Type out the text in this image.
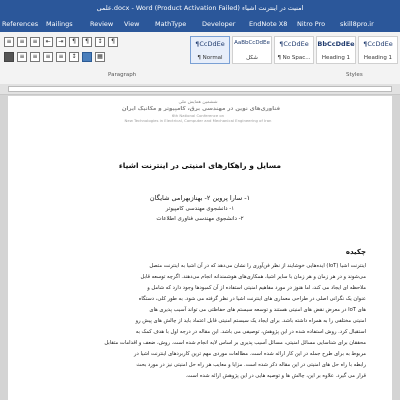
علمی.docx - Word (Product Activation Failed) امنیت در اینترنت اشیاء
References Mailings	Review View MathType Developer EndNote X8 Nitro Pro skill8pro.ir
≡	≡	≡	⇤	⇥	¶	¶	↕	¶
≡	≡	≡	≡	↕	▦
¶CcDdEe
¶ Normal
AaBbCcDdEe
شكل
¶CcDdEe
¶ No Spac...
BbCcDdEe
Heading 1
¶CcDdEe
Heading 1
Paragraph	Styles
ششمین همایش ملی
فناوری‌های نوین در مهندسی برق، کامپیوتر و مکانیک ایران
6th National Conference on
New Technologies in Electrical, Computer and Mechanical Engineering of Iran
مسایل و راهکارهای امنیتی در اینترنت اشیاء
۱- سارا پروین ۲- بهنازبهرامی شایگان
۱- دانشجوی مهندسی کامپیوتر
۲- دانشجوی مهندسی فناوری اطلاعات
چکیده
اینترنت اشیا (IoT) ایده‌هایی خوشایند از نظر فن‌آوری را نشان می‌دهد که در آن اشیا به اینترنت متصل
می‌شوند و در هر زمان و هر زمان با سایر اشیا، همکاری‌های هوشمندانه انجام می‌دهند. اگرچه توسعه قابل
ملاحظه ای ایجاد می کند، اما هنوز در مورد مفاهیم امنیتی استفاده از آن کمبودها وجود دارد که شامل و
عنوان یک نگرانی اصلی در طراحی معماری های اینترنت اشیا در نظر گرفته می شود. به طور کلی، دستگاه
های IoT در معرض نقض های امنیتی هستند و توسعه سیستم های حفاظتی می تواند آسیب پذیری های
امنیتی مختلفی را به همراه داشته باشد. برای ایجاد یک سیستم امنیتی قابل اعتماد باید از چالش های پیش رو
استقبال کرد. روش استفاده شده در این پژوهش، توصیفی می باشد. این مقاله در درجه اول با هدف کمک به
محققان برای شناسایی مسائل امنیتی، مسائل آسیب پذیری بر اساس لایه انجام شده است. روش، ضعف و اقدامات متقابل
مربوط به برای طرح جمله در این کار ارائه شده است. مطالعات موردی مهم ترین کاربردهای اینترنت اشیا در
رابطه با راه حل های امنیتی در این مقاله ذکر شده است. مزایا و معایب هر راه حل امنیتی نیز در مورد بحث
قرار می گیرد. علاوه بر این، چالش ها و توصیه هایی در این پژوهش ارائه شده است.
